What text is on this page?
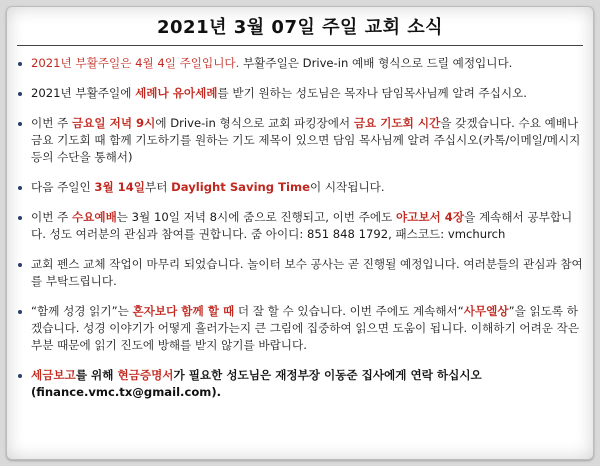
2021년 3월 07일 주일 교회 소식
2021년 부활주일은 4월 4일 주일입니다. 부활주일은 Drive-in 예배 형식으로 드릴 예정입니다.
2021년 부활주일에 세례나 유아세례를 받기 원하는 성도님은 목자나 담임목사님께 알려 주십시오.
이번 주 금요일 저녁 9시에 Drive-in 형식으로 교회 파킹장에서 금요 기도회 시간을 갖겠습니다. 수요 예배나 금요 기도회 때 함께 기도하기를 원하는 기도 제목이 있으면 담임 목사님께 알려 주십시오(카톡/이메일/메시지 등의 수단을 통해서)
다음 주일인 3월 14일부터 Daylight Saving Time이 시작됩니다.
이번 주 수요예배는 3월 10일 저녁 8시에 줌으로 진행되고, 이번 주에도 야고보서 4장을 계속해서 공부합니다. 성도 여러분의 관심과 참여를 권합니다. 줌 아이디: 851 848 1792, 패스코드: vmchurch
교회 펜스 교체 작업이 마무리 되었습니다. 놀이터 보수 공사는 곧 진행될 예정입니다. 여러분들의 관심과 참여를 부탁드립니다.
“함께 성경 읽기”는 혼자보다 함께 할 때 더 잘 할 수 있습니다. 이번 주에도 계속해서“사무엘상”을 읽도록 하겠습니다. 성경 이야기가 어떻게 흘러가는지 큰 그림에 집중하여 읽으면 도움이 됩니다. 이해하기 어려운 작은 부분 때문에 읽기 진도에 방해를 받지 않기를 바랍니다.
세금보고를 위해 현금증명서가 필요한 성도님은 재정부장 이동준 집사에게 연락 하십시오 (finance.vmc.tx@gmail.com).
